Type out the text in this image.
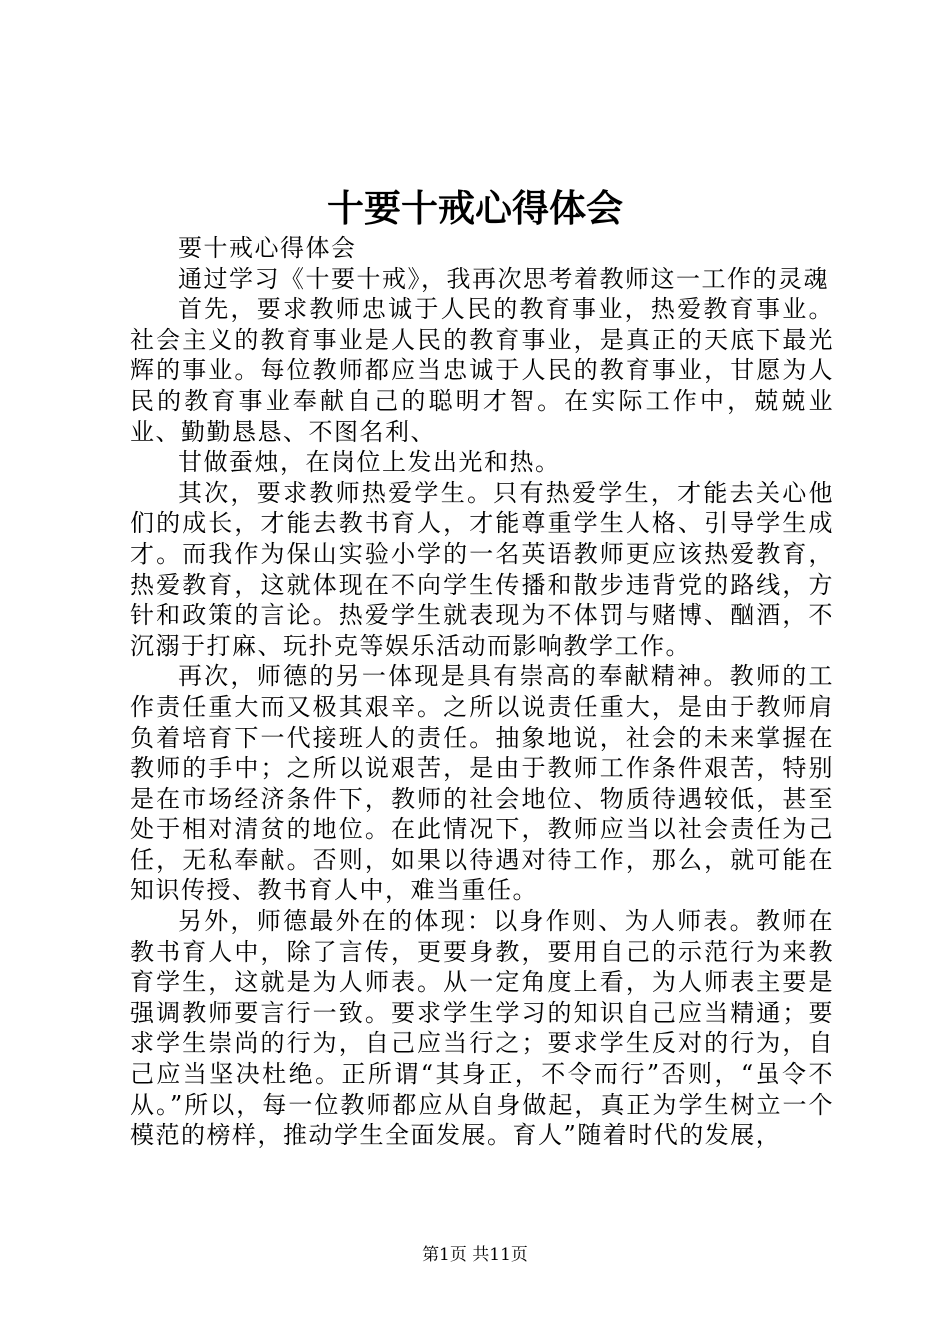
十要十戒心得体会

要十戒心得体会

通过学习《十要十戒》，我再次思考着教师这一工作的灵魂

首先，要求教师忠诚于人民的教育事业，热爱教育事业。社会主义的教育事业是人民的教育事业，是真正的天底下最光辉的事业。每位教师都应当忠诚于人民的教育事业，甘愿为人民的教育事业奉献自己的聪明才智。在实际工作中，兢兢业业、勤勤恳恳、不图名利、

甘做蚕烛，在岗位上发出光和热。

其次，要求教师热爱学生。只有热爱学生，才能去关心他们的成长，才能去教书育人，才能尊重学生人格、引导学生成才。而我作为保山实验小学的一名英语教师更应该热爱教育，热爱教育，这就体现在不向学生传播和散步违背党的路线，方针和政策的言论。热爱学生就表现为不体罚与赌博、酗酒，不沉溺于打麻、玩扑克等娱乐活动而影响教学工作。

再次，师德的另一体现是具有崇高的奉献精神。教师的工作责任重大而又极其艰辛。之所以说责任重大，是由于教师肩负着培育下一代接班人的责任。抽象地说，社会的未来掌握在教师的手中；之所以说艰苦，是由于教师工作条件艰苦，特别是在市场经济条件下，教师的社会地位、物质待遇较低，甚至处于相对清贫的地位。在此情况下，教师应当以社会责任为己任，无私奉献。否则，如果以待遇对待工作，那么，就可能在知识传授、教书育人中，难当重任。

另外，师德最外在的体现：以身作则、为人师表。教师在教书育人中，除了言传，更要身教，要用自己的示范行为来教育学生，这就是为人师表。从一定角度上看，为人师表主要是强调教师要言行一致。要求学生学习的知识自己应当精通；要求学生崇尚的行为，自己应当行之；要求学生反对的行为，自己应当坚决杜绝。正所谓“其身正，不令而行”否则，“虽令不从。”所以，每一位教师都应从自身做起，真正为学生树立一个模范的榜样，推动学生全面发展。育人”随着时代的发展，

第1页 共11页
